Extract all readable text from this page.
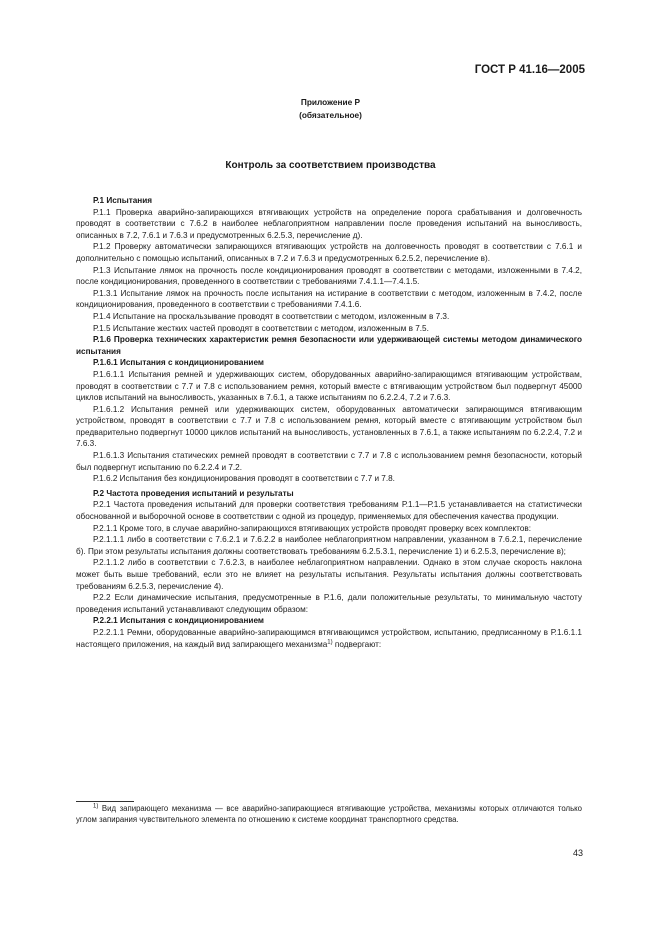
ГОСТ Р 41.16—2005
Приложение Р
(обязательное)
Контроль за соответствием производства

Р.1 Испытания

Р.1.1 Проверка аварийно-запирающихся втягивающих устройств на определение порога срабатывания и долговечность проводят в соответствии с 7.6.2 в наиболее неблагоприятном направлении после проведения испытаний на выносливость, описанных в 7.2, 7.6.1 и 7.6.3 и предусмотренных 6.2.5.3, перечисление д).

Р.1.2 Проверку автоматически запирающихся втягивающих устройств на долговечность проводят в соответствии с 7.6.1 и дополнительно с помощью испытаний, описанных в 7.2 и 7.6.3 и предусмотренных 6.2.5.2, перечисление в).

Р.1.3 Испытание лямок на прочность после кондиционирования проводят в соответствии с методами, изложенными в 7.4.2, после кондиционирования, проведенного в соответствии с требованиями 7.4.1.1—7.4.1.5.

Р.1.3.1 Испытание лямок на прочность после испытания на истирание в соответствии с методом, изложенным в 7.4.2, после кондиционирования, проведенного в соответствии с требованиями 7.4.1.6.

Р.1.4 Испытание на проскальзывание проводят в соответствии с методом, изложенным в 7.3.

Р.1.5 Испытание жестких частей проводят в соответствии с методом, изложенным в 7.5.

Р.1.6 Проверка технических характеристик ремня безопасности или удерживающей системы методом динамического испытания

Р.1.6.1 Испытания с кондиционированием

Р.1.6.1.1 Испытания ремней и удерживающих систем, оборудованных аварийно-запирающимся втягивающим устройствам, проводят в соответствии с 7.7 и 7.8 с использованием ремня, который вместе с втягивающим устройством был подвергнут 45000 циклов испытаний на выносливость, указанных в 7.6.1, а также испытаниям по 6.2.2.4, 7.2 и 7.6.3.

Р.1.6.1.2 Испытания ремней или удерживающих систем, оборудованных автоматически запирающимся втягивающим устройством, проводят в соответствии с 7.7 и 7.8 с использованием ремня, который вместе с втягивающим устройством был предварительно подвергнут 10000 циклов испытаний на выносливость, установленных в 7.6.1, а также испытаниям по 6.2.2.4, 7.2 и 7.6.3.

Р.1.6.1.3 Испытания статических ремней проводят в соответствии с 7.7 и 7.8 с использованием ремня безопасности, который был подвергнут испытанию по 6.2.2.4 и 7.2.

Р.1.6.2 Испытания без кондиционирования проводят в соответствии с 7.7 и 7.8.

Р.2 Частота проведения испытаний и результаты

Р.2.1 Частота проведения испытаний для проверки соответствия требованиям Р.1.1—Р.1.5 устанавливается на статистически обоснованной и выборочной основе в соответствии с одной из процедур, применяемых для обеспечения качества продукции.

Р.2.1.1 Кроме того, в случае аварийно-запирающихся втягивающих устройств проводят проверку всех комплектов:

Р.2.1.1.1 либо в соответствии с 7.6.2.1 и 7.6.2.2 в наиболее неблагоприятном направлении, указанном в 7.6.2.1, перечисление б). При этом результаты испытания должны соответствовать требованиям 6.2.5.3.1, перечисление 1) и 6.2.5.3, перечисление в);

Р.2.1.1.2 либо в соответствии с 7.6.2.3, в наиболее неблагоприятном направлении. Однако в этом случае скорость наклона может быть выше требований, если это не влияет на результаты испытания. Результаты испытания должны соответствовать требованиям 6.2.5.3, перечисление 4).

Р.2.2 Если динамические испытания, предусмотренные в Р.1.6, дали положительные результаты, то минимальную частоту проведения испытаний устанавливают следующим образом:

Р.2.2.1 Испытания с кондиционированием

Р.2.2.1.1 Ремни, оборудованные аварийно-запирающимся втягивающимся устройством, испытанию, предписанному в Р.1.6.1.1 настоящего приложения, на каждый вид запирающего механизма$^{1)}$ подвергают:

$^{1)}$ Вид запирающего механизма — все аварийно-запирающиеся втягивающие устройства, механизмы которых отличаются только углом запирания чувствительного элемента по отношению к системе координат транспортного средства.

43
